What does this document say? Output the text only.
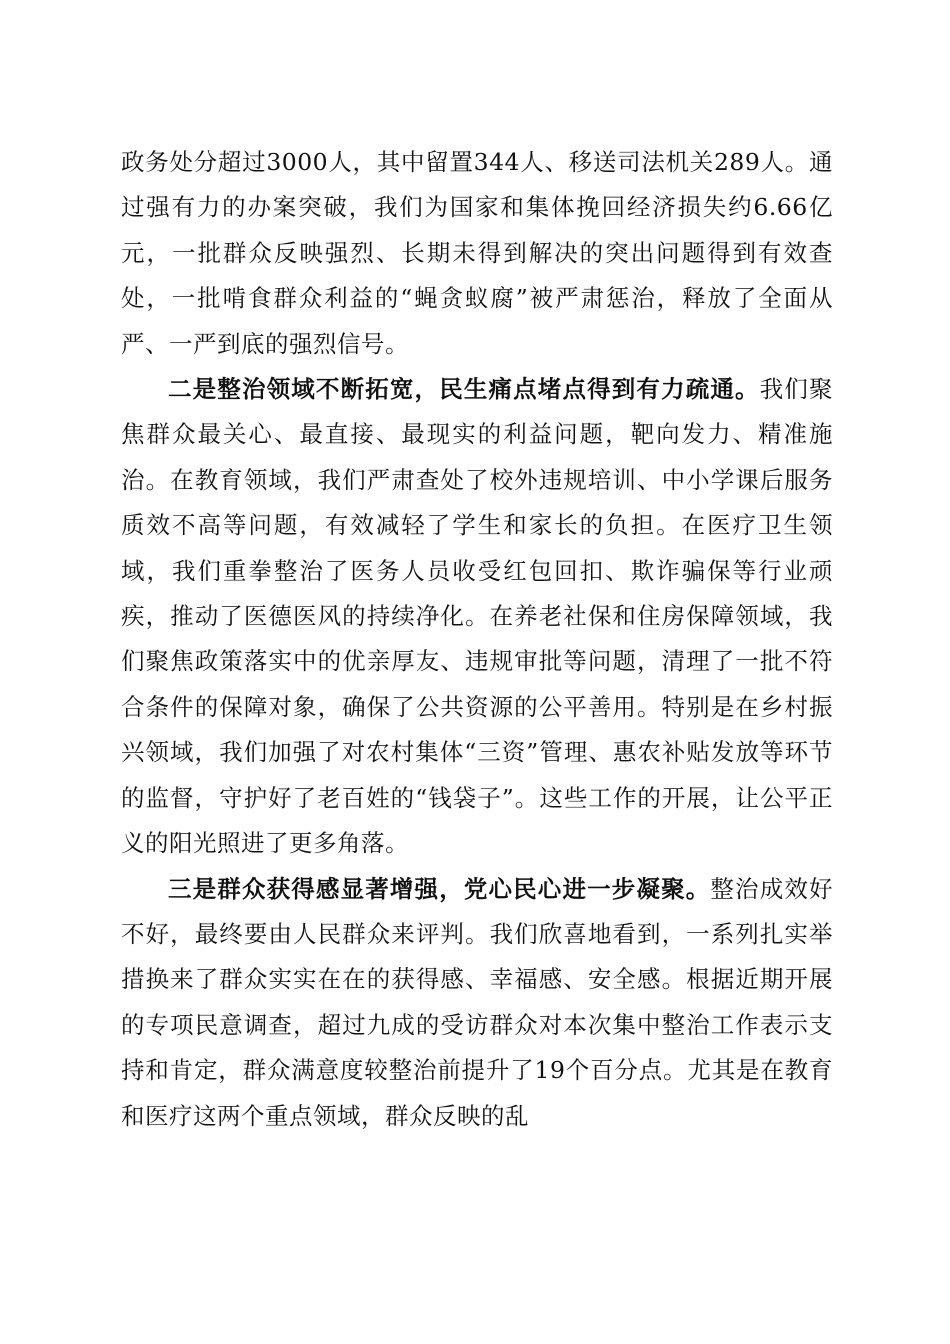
政务处分超过3000人，其中留置344人、移送司法机关289人。通过强有力的办案突破，我们为国家和集体挽回经济损失约6.66亿元，一批群众反映强烈、长期未得到解决的突出问题得到有效查处，一批啃食群众利益的“蝇贪蚁腐”被严肃惩治，释放了全面从严、一严到底的强烈信号。

二是整治领域不断拓宽，民生痛点堵点得到有力疏通。我们聚焦群众最关心、最直接、最现实的利益问题，靶向发力、精准施治。在教育领域，我们严肃查处了校外违规培训、中小学课后服务质效不高等问题，有效减轻了学生和家长的负担。在医疗卫生领域，我们重拳整治了医务人员收受红包回扣、欺诈骗保等行业顽疾，推动了医德医风的持续净化。在养老社保和住房保障领域，我们聚焦政策落实中的优亲厚友、违规审批等问题，清理了一批不符合条件的保障对象，确保了公共资源的公平善用。特别是在乡村振兴领域，我们加强了对农村集体“三资”管理、惠农补贴发放等环节的监督，守护好了老百姓的“钱袋子”。这些工作的开展，让公平正义的阳光照进了更多角落。

三是群众获得感显著增强，党心民心进一步凝聚。整治成效好不好，最终要由人民群众来评判。我们欣喜地看到，一系列扎实举措换来了群众实实在在的获得感、幸福感、安全感。根据近期开展的专项民意调查，超过九成的受访群众对本次集中整治工作表示支持和肯定，群众满意度较整治前提升了19个百分点。尤其是在教育和医疗这两个重点领域，群众反映的乱
